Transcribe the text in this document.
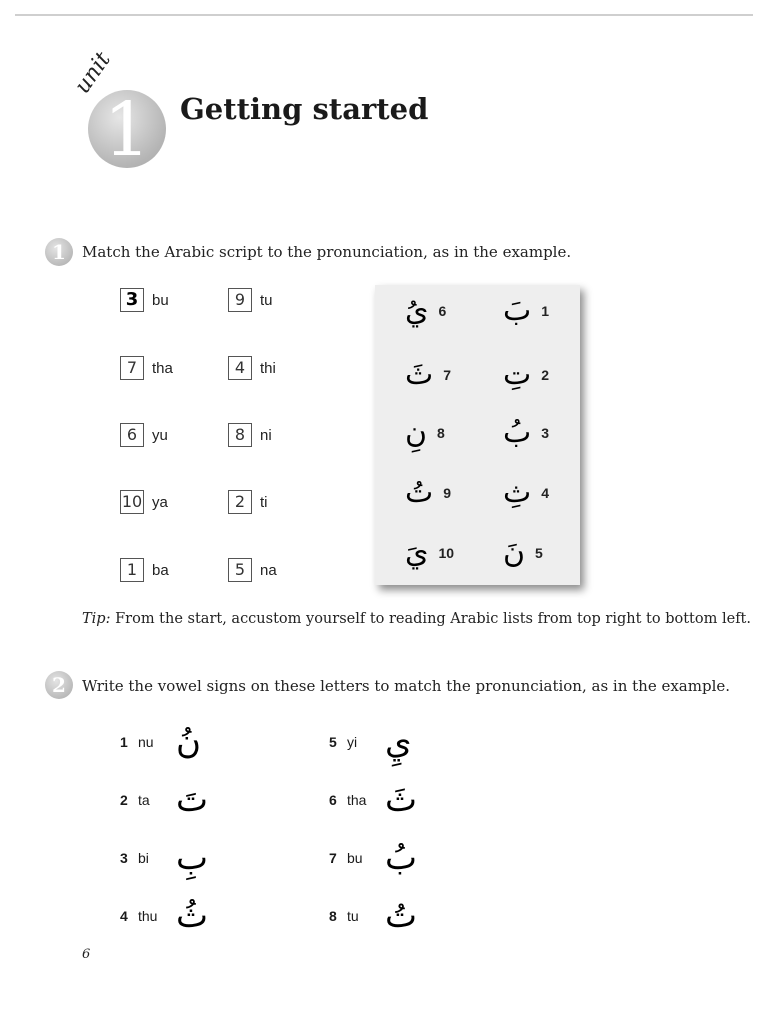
1
unit
Getting started
1	Match the Arabic script to the pronunciation, as in the example.
3 bu	9 tu
7 tha	4 thi
6 yu	8 ni
10 ya	2 ti
1 ba	5 na
بَ 1
تِ 2
بُ 3
ثِ 4
نَ 5
يُ 6
ثَ 7
نِ 8
تُ 9
يَ 10
Tip: From the start, accustom yourself to reading Arabic lists from top right to bottom left.
2	Write the vowel signs on these letters to match the pronunciation, as in the example.
1 nu نُ
2 ta تَ
3 bi بِ
4 thu ثُ
5 yi يِ
6 tha ثَ
7 bu بُ
8 tu تُ
6
